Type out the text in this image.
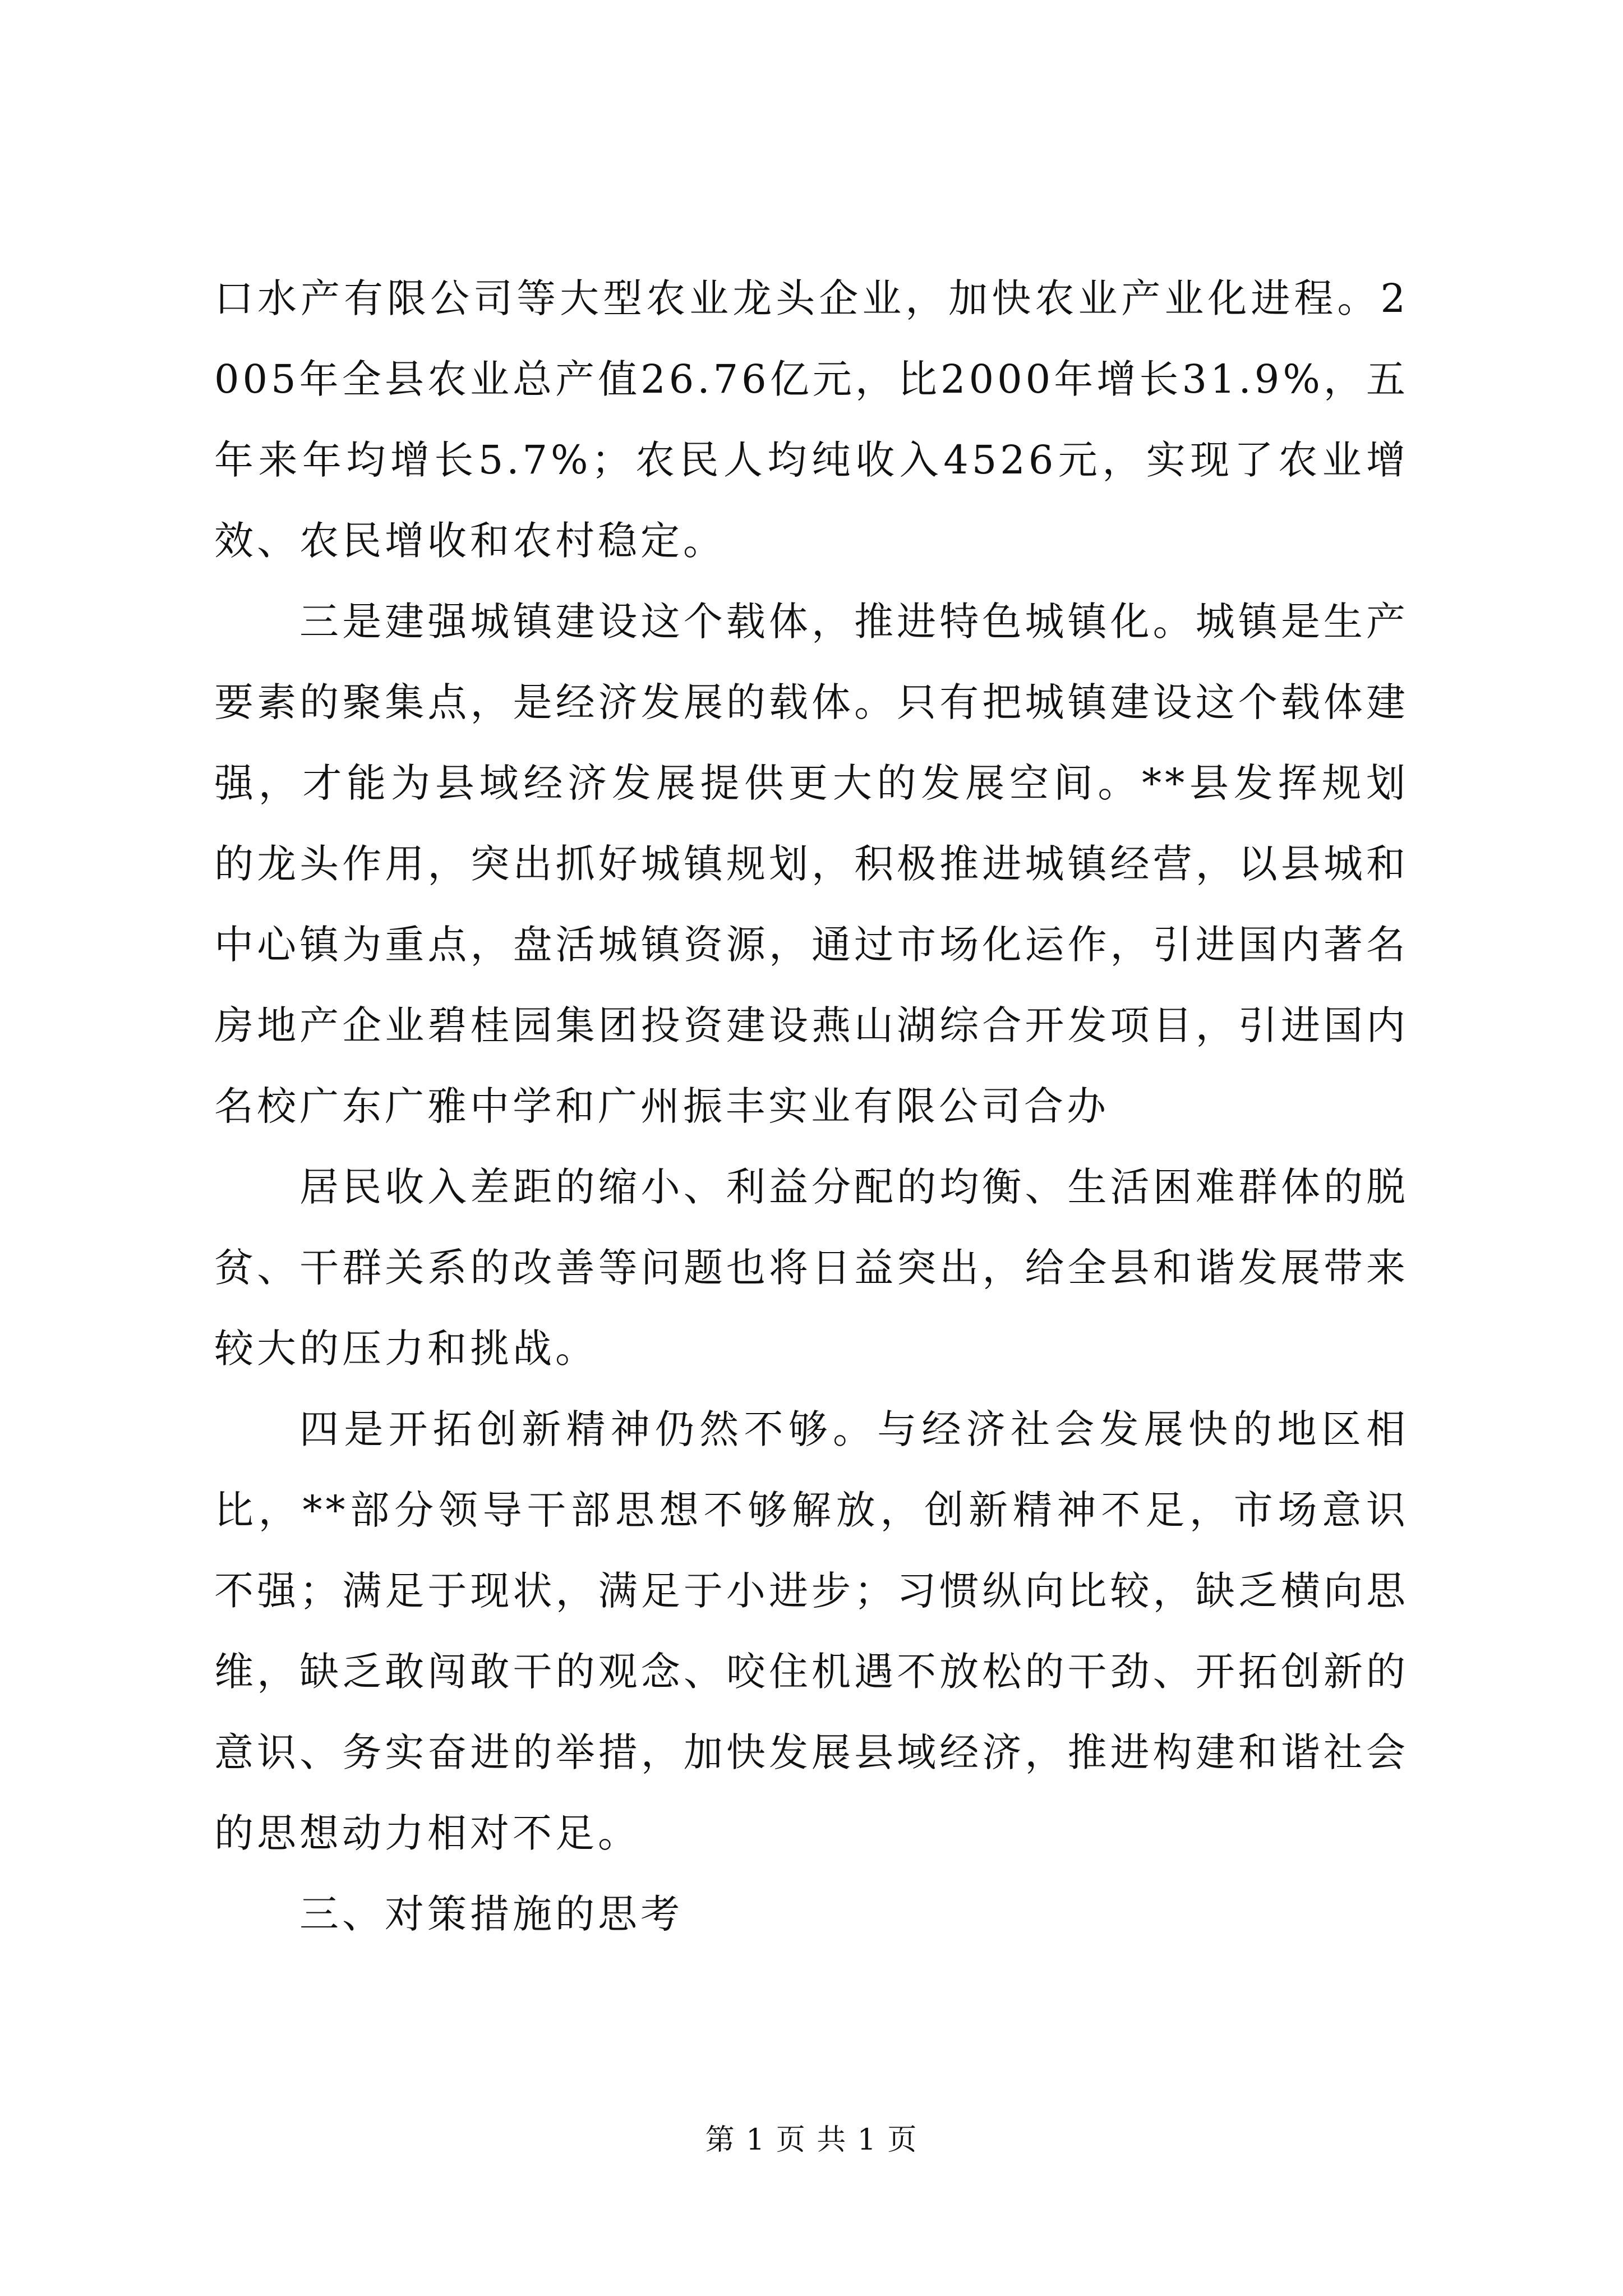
口水产有限公司等大型农业龙头企业，加快农业产业化进程。2005年全县农业总产值26.76亿元，比2000年增长31.9%，五年来年均增长5.7%；农民人均纯收入4526元，实现了农业增效、农民增收和农村稳定。

三是建强城镇建设这个载体，推进特色城镇化。城镇是生产要素的聚集点，是经济发展的载体。只有把城镇建设这个载体建强，才能为县域经济发展提供更大的发展空间。**县发挥规划的龙头作用，突出抓好城镇规划，积极推进城镇经营，以县城和中心镇为重点，盘活城镇资源，通过市场化运作，引进国内著名房地产企业碧桂园集团投资建设燕山湖综合开发项目，引进国内名校广东广雅中学和广州振丰实业有限公司合办

居民收入差距的缩小、利益分配的均衡、生活困难群体的脱贫、干群关系的改善等问题也将日益突出，给全县和谐发展带来较大的压力和挑战。

四是开拓创新精神仍然不够。与经济社会发展快的地区相比，**部分领导干部思想不够解放，创新精神不足，市场意识不强；满足于现状，满足于小进步；习惯纵向比较，缺乏横向思维，缺乏敢闯敢干的观念、咬住机遇不放松的干劲、开拓创新的意识、务实奋进的举措，加快发展县域经济，推进构建和谐社会的思想动力相对不足。

三、对策措施的思考

第 1 页 共 1 页
